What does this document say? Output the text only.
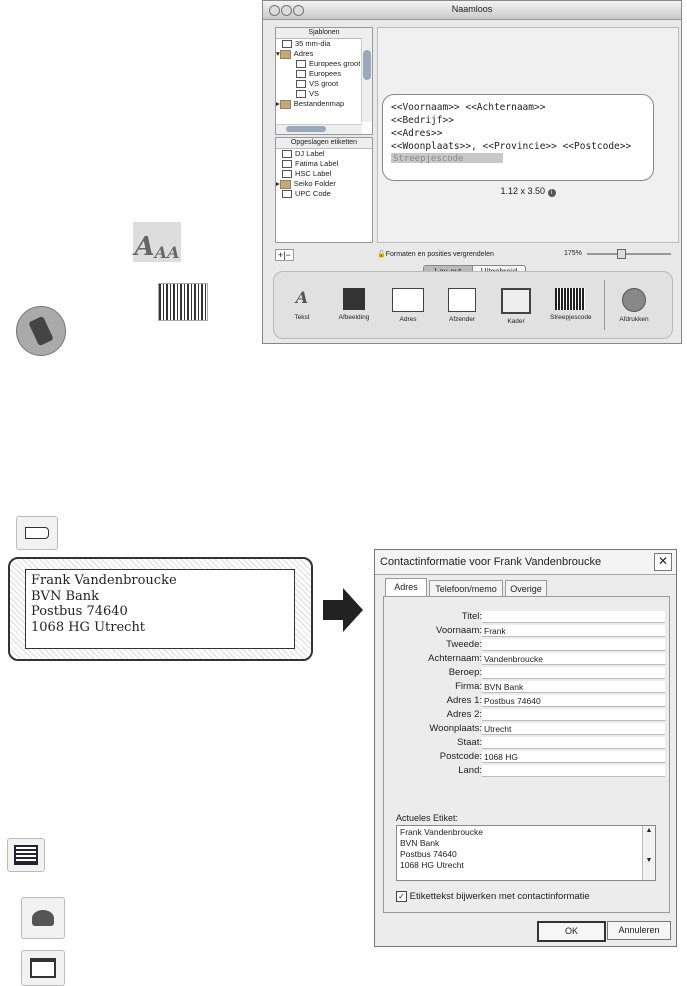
A AA
Naamloos
Sjablonen
35 mm-dia
▾ Adres
Europees groot
Europees
VS groot
VS
▸ Bestandenmap
Opgeslagen etiketten
DJ Label
Fatima Label
HSC Label
▸ Seiko Folder
UPC Code
<<Voornaam>> <<Achternaam>>
<<Bedrijf>>
<<Adres>>
<<Woonplaats>>, <<Provincie>> <<Postcode>>
Streepjescode
1.12 x 3.50 i
+|−	🔓Formaten en posities vergrendelen	175%
A
Tekst	Afbeelding	Adres	Afzender	Kader
Streepjescode	Afdrukken
Frank Vandenbroucke
BVN Bank
Postbus 74640
1068 HG Utrecht
Contactinformatie voor Frank Vandenbroucke	✕
Adres	Telefoon/memo	Overige
Titel:
Voornaam: Frank
Tweede:
Achternaam: Vandenbroucke
Beroep:
Firma: BVN Bank
Adres 1: Postbus 74640
Adres 2:
Woonplaats: Utrecht
Staat:
Postcode: 1068 HG
Land:
Actueles Etiket:
Frank Vandenbroucke
BVN Bank
Postbus 74640
1068 HG Utrecht
▲

▼
✓ Etikettekst bijwerken met contactinformatie
OK	Annuleren
